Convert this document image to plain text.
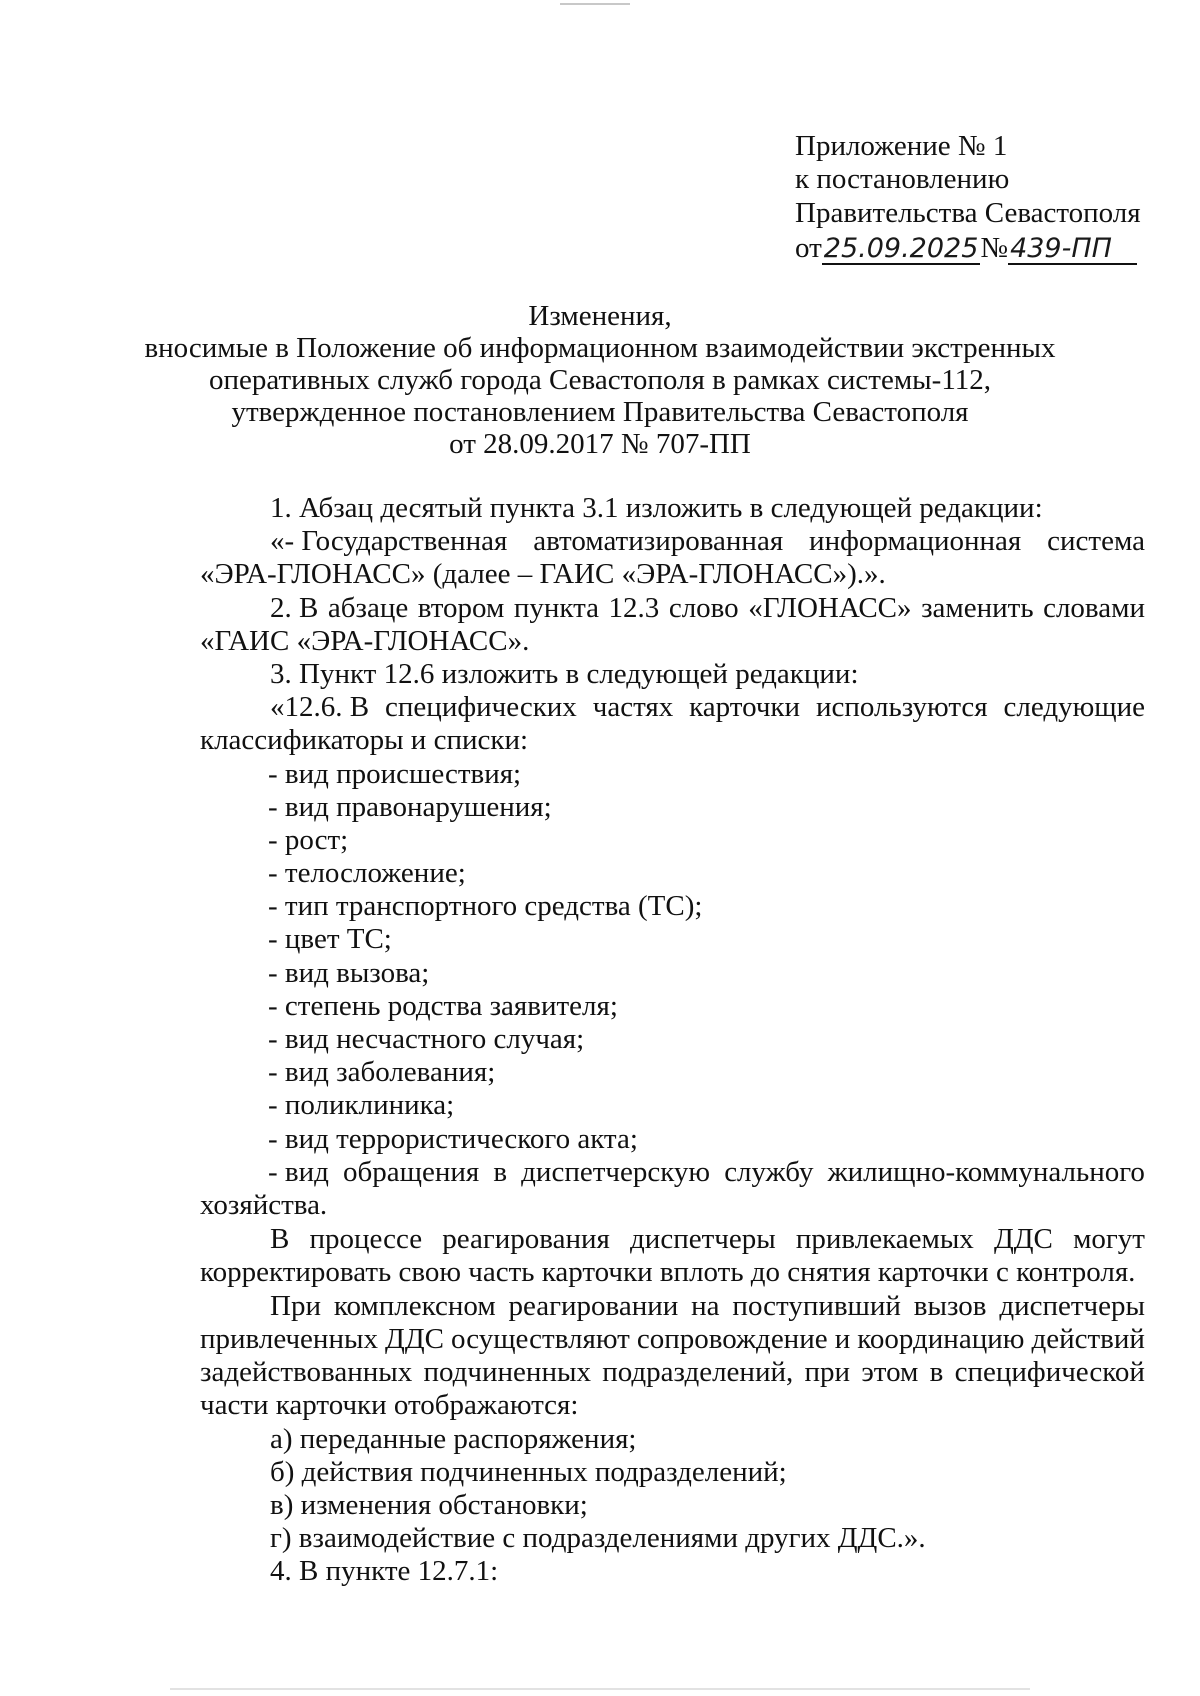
Приложение № 1
к постановлению
Правительства Севастополя
от25.09.2025№439-ПП
Изменения,
вносимые в Положение об информационном взаимодействии экстренных
оперативных служб города Севастополя в рамках системы-112,
утвержденное постановлением Правительства Севастополя
от 28.09.2017 № 707-ПП
1. Абзац десятый пункта 3.1 изложить в следующей редакции:
«- Государственная автоматизированная информационная система
«ЭРА-ГЛОНАСС» (далее – ГАИС «ЭРА-ГЛОНАСС»).».
2. В абзаце втором пункта 12.3 слово «ГЛОНАСС» заменить словами
«ГАИС «ЭРА-ГЛОНАСС».
3. Пункт 12.6 изложить в следующей редакции:
«12.6. В специфических частях карточки используются следующие
классификаторы и списки:
- вид происшествия;
- вид правонарушения;
- рост;
- телосложение;
- тип транспортного средства (ТС);
- цвет ТС;
- вид вызова;
- степень родства заявителя;
- вид несчастного случая;
- вид заболевания;
- поликлиника;
- вид террористического акта;
- вид обращения в диспетчерскую службу жилищно-коммунального
хозяйства.
В процессе реагирования диспетчеры привлекаемых ДДС могут
корректировать свою часть карточки вплоть до снятия карточки с контроля.
При комплексном реагировании на поступивший вызов диспетчеры
привлеченных ДДС осуществляют сопровождение и координацию действий
задействованных подчиненных подразделений, при этом в специфической
части карточки отображаются:
а) переданные распоряжения;
б) действия подчиненных подразделений;
в) изменения обстановки;
г) взаимодействие с подразделениями других ДДС.».
4. В пункте 12.7.1:
